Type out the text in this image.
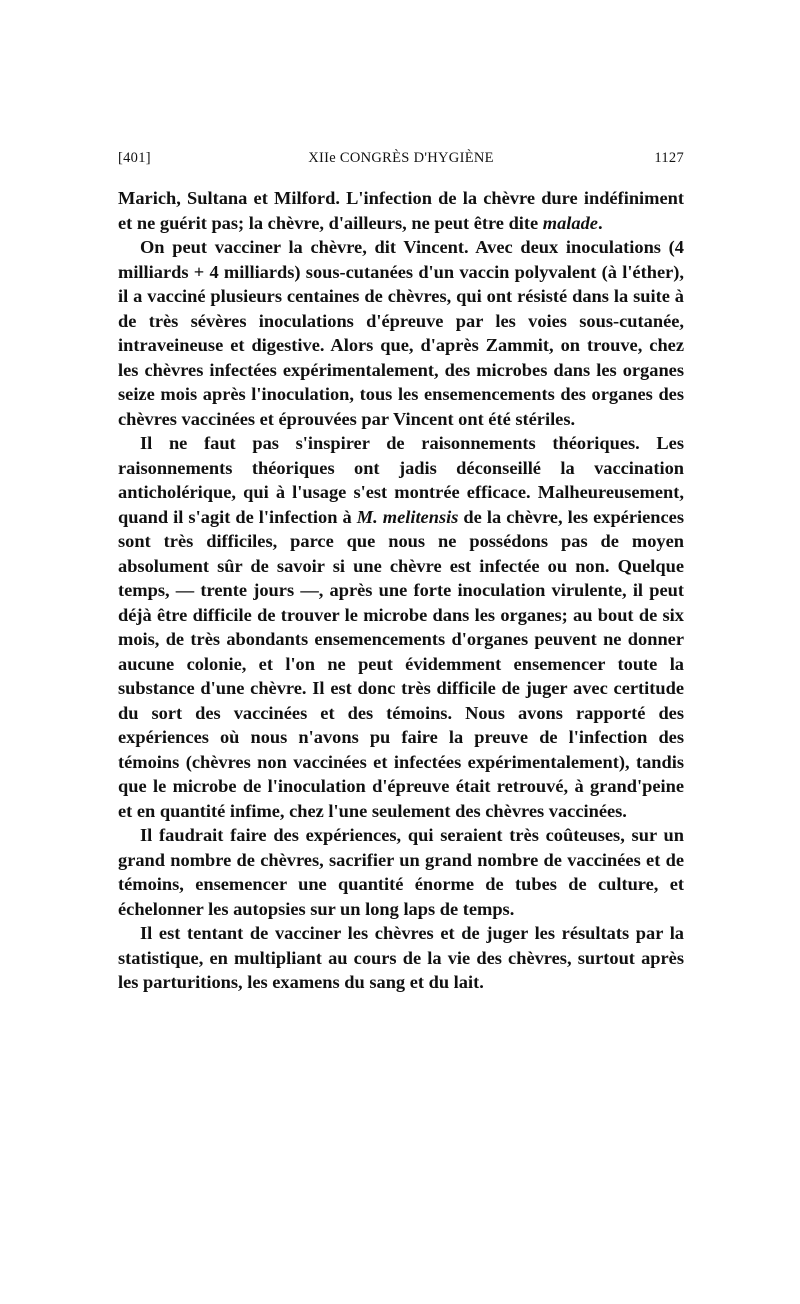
[401]	XIIe CONGRÈS D'HYGIÈNE	1127

Marich, Sultana et Milford. L'infection de la chèvre dure indéfiniment et ne guérit pas; la chèvre, d'ailleurs, ne peut être dite malade.

On peut vacciner la chèvre, dit Vincent. Avec deux inoculations (4 milliards + 4 milliards) sous-cutanées d'un vaccin polyvalent (à l'éther), il a vacciné plusieurs centaines de chèvres, qui ont résisté dans la suite à de très sévères inoculations d'épreuve par les voies sous-cutanée, intraveineuse et digestive. Alors que, d'après Zammit, on trouve, chez les chèvres infectées expérimentalement, des microbes dans les organes seize mois après l'inoculation, tous les ensemencements des organes des chèvres vaccinées et éprouvées par Vincent ont été stériles.

Il ne faut pas s'inspirer de raisonnements théoriques. Les raisonnements théoriques ont jadis déconseillé la vaccination anticholérique, qui à l'usage s'est montrée efficace. Malheureusement, quand il s'agit de l'infection à M. melitensis de la chèvre, les expériences sont très difficiles, parce que nous ne possédons pas de moyen absolument sûr de savoir si une chèvre est infectée ou non. Quelque temps, — trente jours —, après une forte inoculation virulente, il peut déjà être difficile de trouver le microbe dans les organes; au bout de six mois, de très abondants ensemencements d'organes peuvent ne donner aucune colonie, et l'on ne peut évidemment ensemencer toute la substance d'une chèvre. Il est donc très difficile de juger avec certitude du sort des vaccinées et des témoins. Nous avons rapporté des expériences où nous n'avons pu faire la preuve de l'infection des témoins (chèvres non vaccinées et infectées expérimentalement), tandis que le microbe de l'inoculation d'épreuve était retrouvé, à grand'peine et en quantité infime, chez l'une seulement des chèvres vaccinées.

Il faudrait faire des expériences, qui seraient très coûteuses, sur un grand nombre de chèvres, sacrifier un grand nombre de vaccinées et de témoins, ensemencer une quantité énorme de tubes de culture, et échelonner les autopsies sur un long laps de temps.

Il est tentant de vacciner les chèvres et de juger les résultats par la statistique, en multipliant au cours de la vie des chèvres, surtout après les parturitions, les examens du sang et du lait.
